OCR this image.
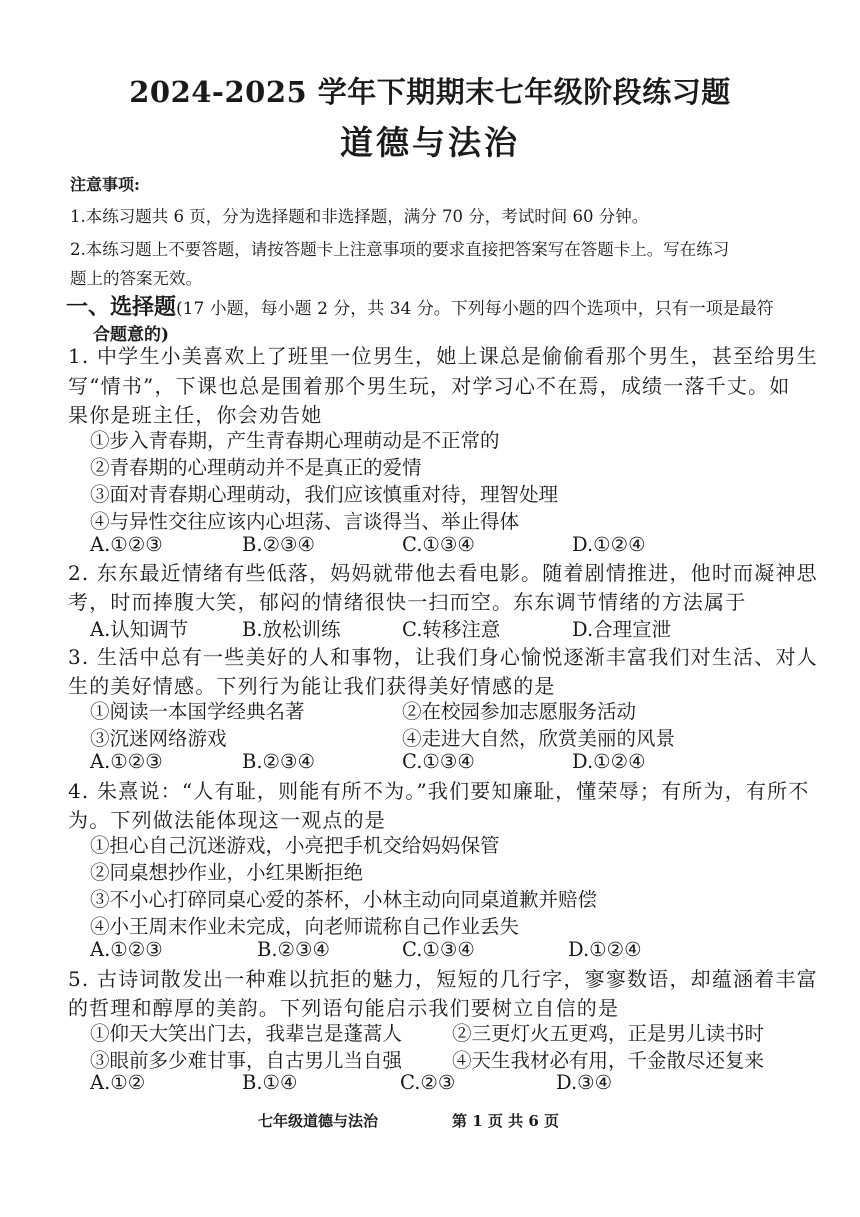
2024-2025 学年下期期末七年级阶段练习题
道德与法治
注意事项:
1.本练习题共 6 页，分为选择题和非选择题，满分 70 分，考试时间 60 分钟。
2.本练习题上不要答题，请按答题卡上注意事项的要求直接把答案写在答题卡上。写在练习
题上的答案无效。
一、选择题(17 小题，每小题 2 分，共 34 分。下列每小题的四个选项中，只有一项是最符
合题意的)
1. 中学生小美喜欢上了班里一位男生，她上课总是偷偷看那个男生，甚至给男生
写“情书”，下课也总是围着那个男生玩，对学习心不在焉，成绩一落千丈。如
果你是班主任，你会劝告她
①步入青春期，产生青春期心理萌动是不正常的
②青春期的心理萌动并不是真正的爱情
③面对青春期心理萌动，我们应该慎重对待，理智处理
④与异性交往应该内心坦荡、言谈得当、举止得体
A.①②③	B.②③④	C.①③④	D.①②④
2. 东东最近情绪有些低落，妈妈就带他去看电影。随着剧情推进，他时而凝神思
考，时而捧腹大笑，郁闷的情绪很快一扫而空。东东调节情绪的方法属于
A.认知调节	B.放松训练	C.转移注意	D.合理宣泄
3. 生活中总有一些美好的人和事物，让我们身心愉悦逐渐丰富我们对生活、对人
生的美好情感。下列行为能让我们获得美好情感的是
①阅读一本国学经典名著	②在校园参加志愿服务活动
③沉迷网络游戏	④走进大自然，欣赏美丽的风景
A.①②③	B.②③④	C.①③④	D.①②④
4. 朱熹说：“人有耻，则能有所不为。”我们要知廉耻，懂荣辱；有所为，有所不
为。下列做法能体现这一观点的是
①担心自己沉迷游戏，小亮把手机交给妈妈保管
②同桌想抄作业，小红果断拒绝
③不小心打碎同桌心爱的茶杯，小林主动向同桌道歉并赔偿
④小王周末作业未完成，向老师谎称自己作业丢失
A.①②③	B.②③④	C.①③④	D.①②④
5. 古诗词散发出一种难以抗拒的魅力，短短的几行字，寥寥数语，却蕴涵着丰富
的哲理和醇厚的美韵。下列语句能启示我们要树立自信的是
①仰天大笑出门去，我辈岂是蓬蒿人	②三更灯火五更鸡，正是男儿读书时
③眼前多少难甘事，自古男儿当自强	④天生我材必有用，千金散尽还复来
A.①②	B.①④	C.②③	D.③④
七年级道德与法治	第 1 页 共 6 页
